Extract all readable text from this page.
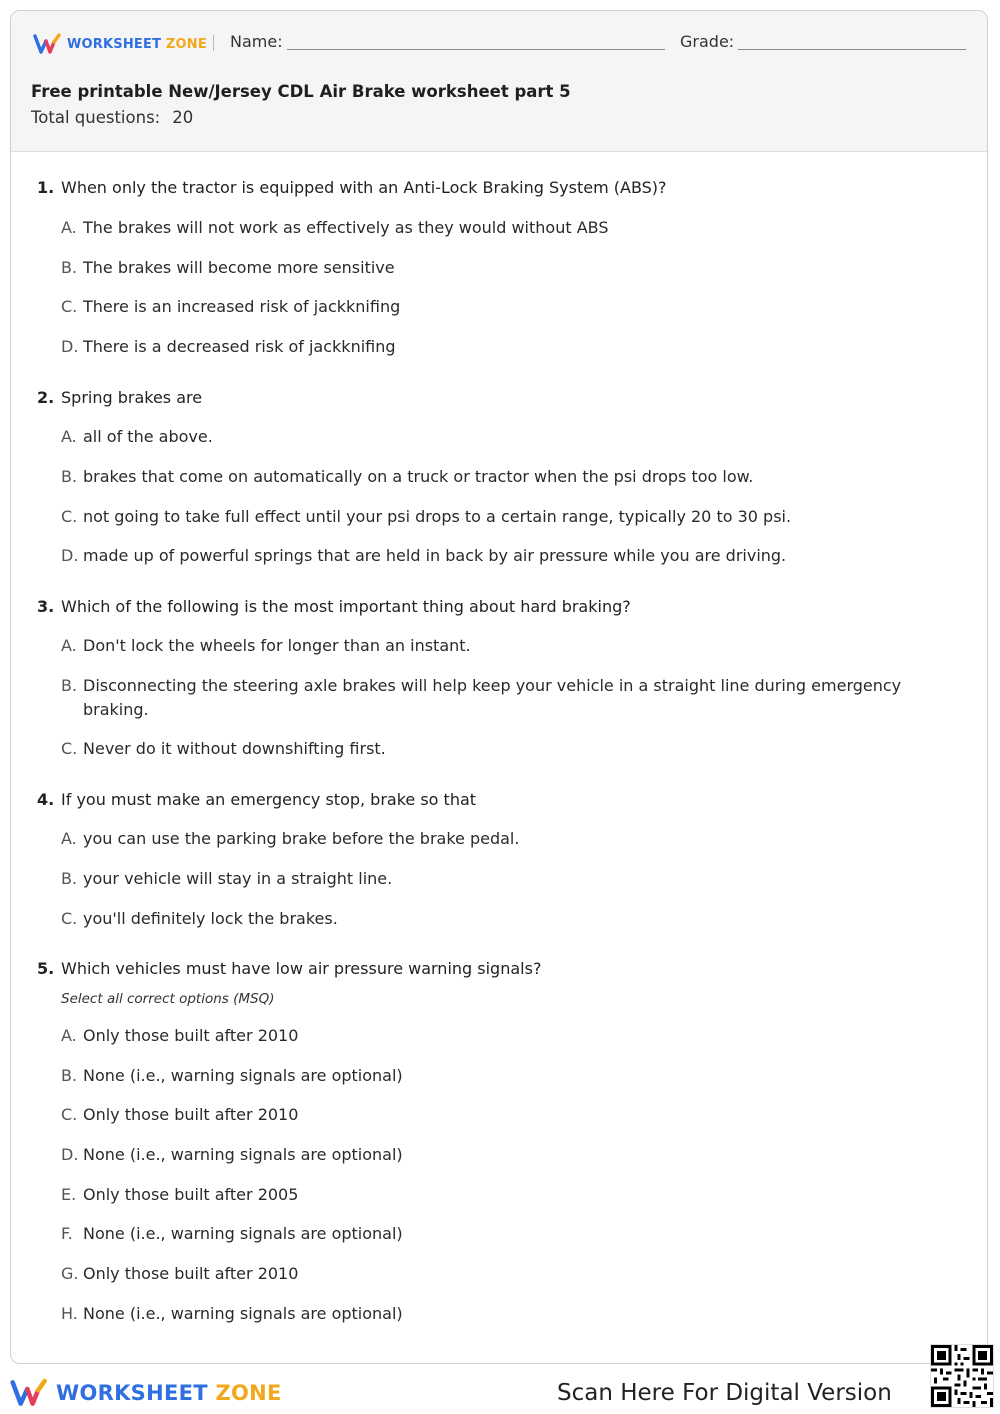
WORKSHEET ZONE Name:	Grade:
Free printable New/Jersey CDL Air Brake worksheet part 5
Total questions: 20
1. When only the tractor is equipped with an Anti-Lock Braking System (ABS)?
A. The brakes will not work as effectively as they would without ABS
B. The brakes will become more sensitive
C. There is an increased risk of jackknifing
D. There is a decreased risk of jackknifing
2. Spring brakes are
A. all of the above.
B. brakes that come on automatically on a truck or tractor when the psi drops too low.
C. not going to take full effect until your psi drops to a certain range, typically 20 to 30 psi.
D. made up of powerful springs that are held in back by air pressure while you are driving.
3. Which of the following is the most important thing about hard braking?
A. Don't lock the wheels for longer than an instant.
B. Disconnecting the steering axle brakes will help keep your vehicle in a straight line during emergency braking.
C. Never do it without downshifting first.
4. If you must make an emergency stop, brake so that
A. you can use the parking brake before the brake pedal.
B. your vehicle will stay in a straight line.
C. you'll definitely lock the brakes.
5. Which vehicles must have low air pressure warning signals?
Select all correct options (MSQ)
A. Only those built after 2010
B. None (i.e., warning signals are optional)
C. Only those built after 2010
D. None (i.e., warning signals are optional)
E. Only those built after 2005
F. None (i.e., warning signals are optional)
G. Only those built after 2010
H. None (i.e., warning signals are optional)
WORKSHEET ZONE	Scan Here For Digital Version
